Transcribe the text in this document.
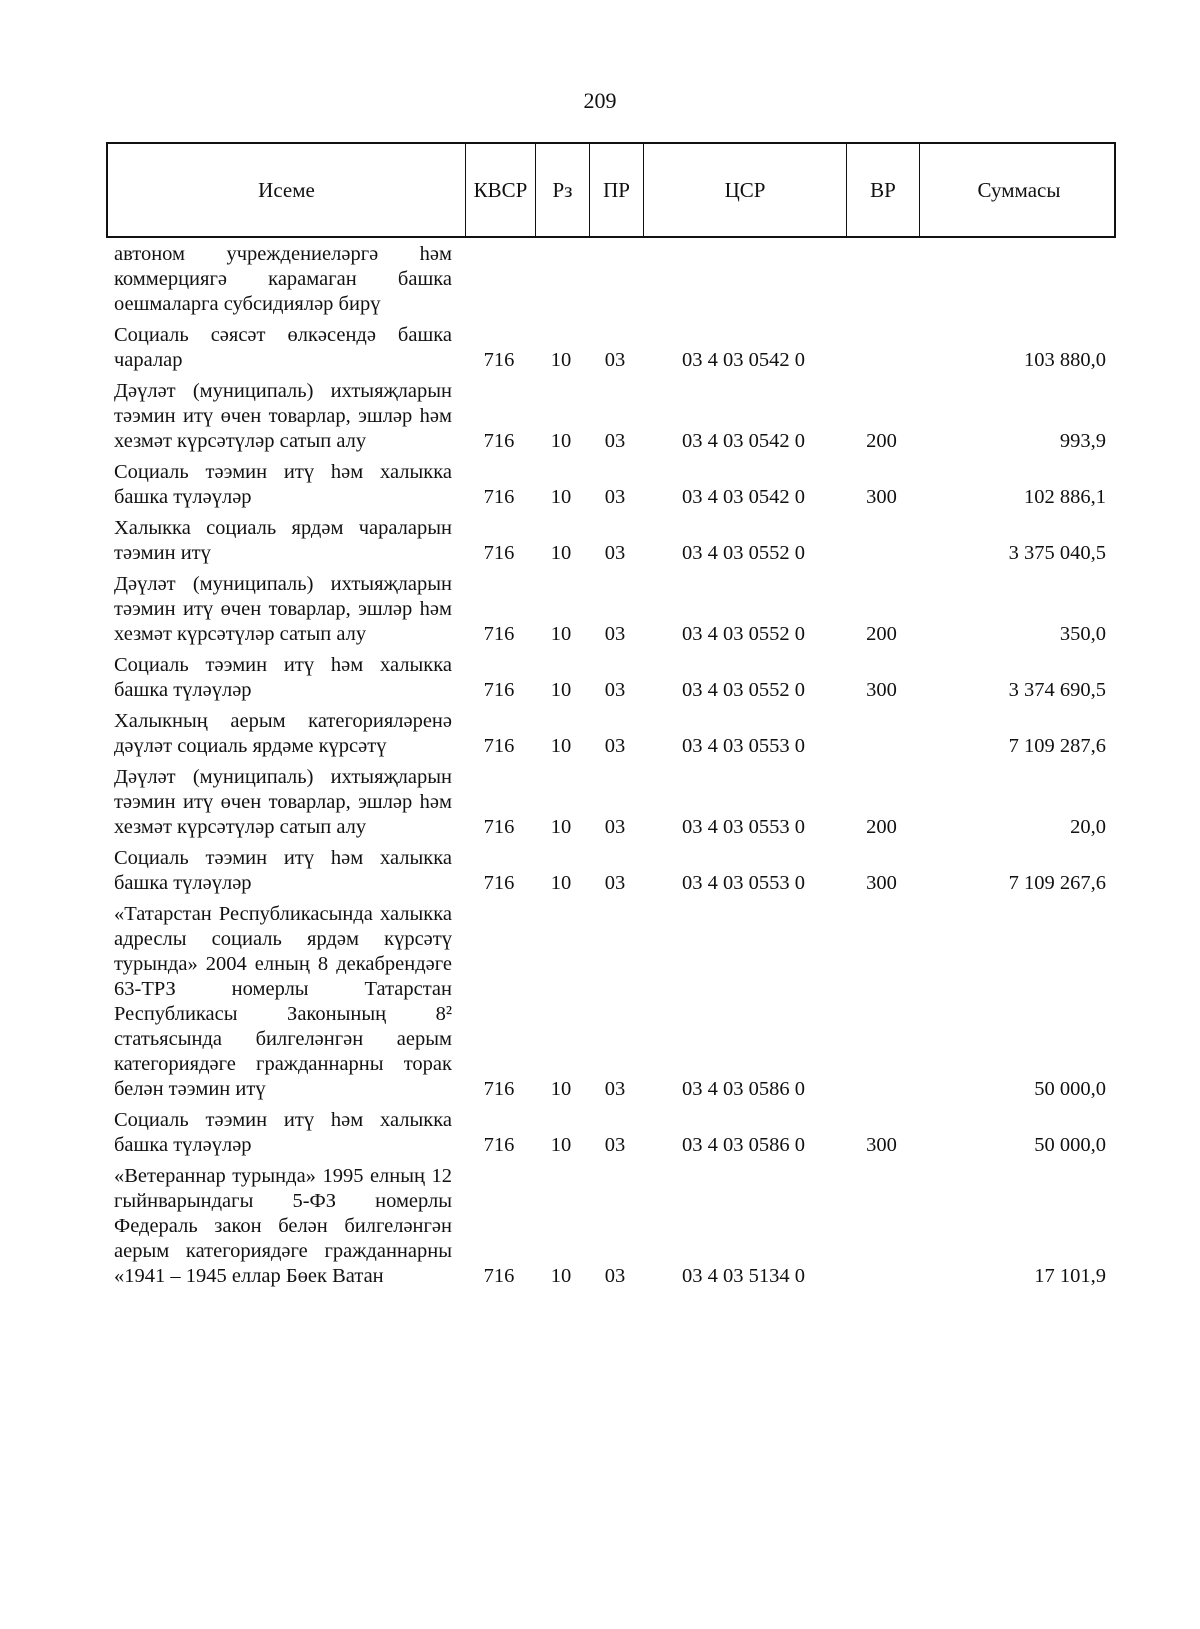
209
Исеме	КВСР	Рз	ПР	ЦСР	ВР	Суммасы
автоном учреждениеләргә һәм коммерциягә карамаган башка оешмаларга субсидияләр бирү
Социаль сәясәт өлкәсендә башка чаралар	716	10	03	03 4 03 0542 0	103 880,0
Дәүләт (муниципаль) ихтыяҗларын тәэмин итү өчен товарлар, эшләр һәм хезмәт күрсәтүләр сатып алу	716	10	03	03 4 03 0542 0	200	993,9
Социаль тәэмин итү һәм халыкка башка түләүләр	716	10	03	03 4 03 0542 0	300	102 886,1
Халыкка социаль ярдәм чараларын тәэмин итү	716	10	03	03 4 03 0552 0	3 375 040,5
Дәүләт (муниципаль) ихтыяҗларын тәэмин итү өчен товарлар, эшләр һәм хезмәт күрсәтүләр сатып алу	716	10	03	03 4 03 0552 0	200	350,0
Социаль тәэмин итү һәм халыкка башка түләүләр	716	10	03	03 4 03 0552 0	300	3 374 690,5
Халыкның аерым категорияләренә дәүләт социаль ярдәме күрсәтү	716	10	03	03 4 03 0553 0	7 109 287,6
Дәүләт (муниципаль) ихтыяҗларын тәэмин итү өчен товарлар, эшләр һәм хезмәт күрсәтүләр сатып алу	716	10	03	03 4 03 0553 0	200	20,0
Социаль тәэмин итү һәм халыкка башка түләүләр	716	10	03	03 4 03 0553 0	300	7 109 267,6
«Татарстан Республикасында халыкка адреслы социаль ярдәм күрсәтү турында» 2004 елның 8 декабрендәге 63-ТРЗ номерлы Татарстан Республикасы Законының 8² статьясында билгеләнгән аерым категориядәге гражданнарны торак белән тәэмин итү	716	10	03	03 4 03 0586 0	50 000,0
Социаль тәэмин итү һәм халыкка башка түләүләр	716	10	03	03 4 03 0586 0	300	50 000,0
«Ветераннар турында» 1995 елның 12 гыйнварындагы 5-ФЗ номерлы Федераль закон белән билгеләнгән аерым категориядәге гражданнарны «1941 – 1945 еллар Бөек Ватан	716	10	03	03 4 03 5134 0	17 101,9
